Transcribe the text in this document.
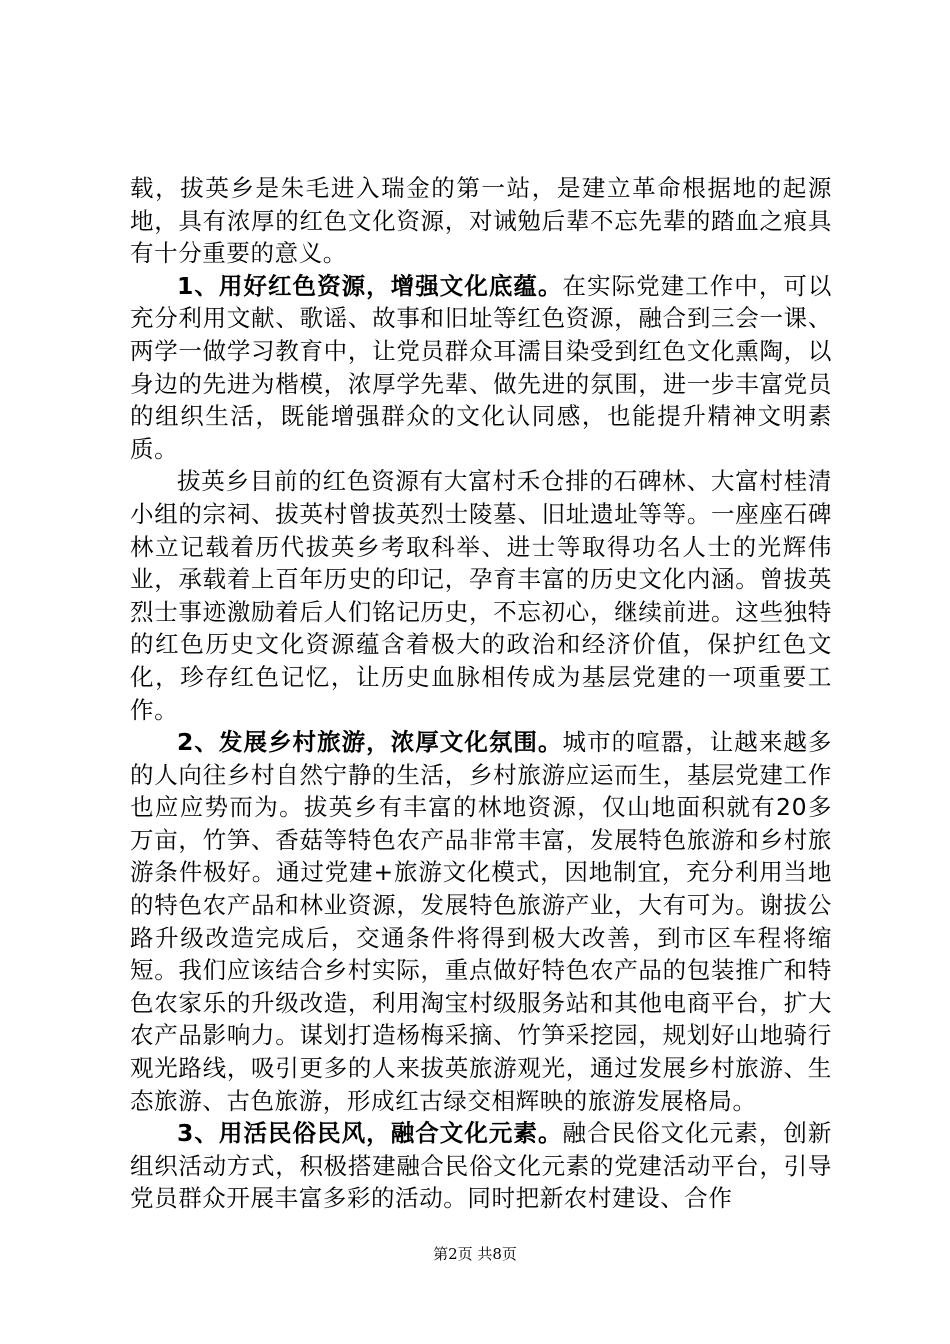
载，拔英乡是朱毛进入瑞金的第一站，是建立革命根据地的起源地，具有浓厚的红色文化资源，对诫勉后辈不忘先辈的踏血之痕具有十分重要的意义。

1、用好红色资源，增强文化底蕴。在实际党建工作中，可以充分利用文献、歌谣、故事和旧址等红色资源，融合到三会一课、两学一做学习教育中，让党员群众耳濡目染受到红色文化熏陶，以身边的先进为楷模，浓厚学先辈、做先进的氛围，进一步丰富党员的组织生活，既能增强群众的文化认同感，也能提升精神文明素质。

拔英乡目前的红色资源有大富村禾仓排的石碑林、大富村桂清小组的宗祠、拔英村曾拔英烈士陵墓、旧址遗址等等。一座座石碑林立记载着历代拔英乡考取科举、进士等取得功名人士的光辉伟业，承载着上百年历史的印记，孕育丰富的历史文化内涵。曾拔英烈士事迹激励着后人们铭记历史，不忘初心，继续前进。这些独特的红色历史文化资源蕴含着极大的政治和经济价值，保护红色文化，珍存红色记忆，让历史血脉相传成为基层党建的一项重要工作。

2、发展乡村旅游，浓厚文化氛围。城市的喧嚣，让越来越多的人向往乡村自然宁静的生活，乡村旅游应运而生，基层党建工作也应应势而为。拔英乡有丰富的林地资源，仅山地面积就有20多万亩，竹笋、香菇等特色农产品非常丰富，发展特色旅游和乡村旅游条件极好。通过党建+旅游文化模式，因地制宜，充分利用当地的特色农产品和林业资源，发展特色旅游产业，大有可为。谢拔公路升级改造完成后，交通条件将得到极大改善，到市区车程将缩短。我们应该结合乡村实际，重点做好特色农产品的包装推广和特色农家乐的升级改造，利用淘宝村级服务站和其他电商平台，扩大农产品影响力。谋划打造杨梅采摘、竹笋采挖园，规划好山地骑行观光路线，吸引更多的人来拔英旅游观光，通过发展乡村旅游、生态旅游、古色旅游，形成红古绿交相辉映的旅游发展格局。

3、用活民俗民风，融合文化元素。融合民俗文化元素，创新组织活动方式，积极搭建融合民俗文化元素的党建活动平台，引导党员群众开展丰富多彩的活动。同时把新农村建设、合作

第2页 共8页
